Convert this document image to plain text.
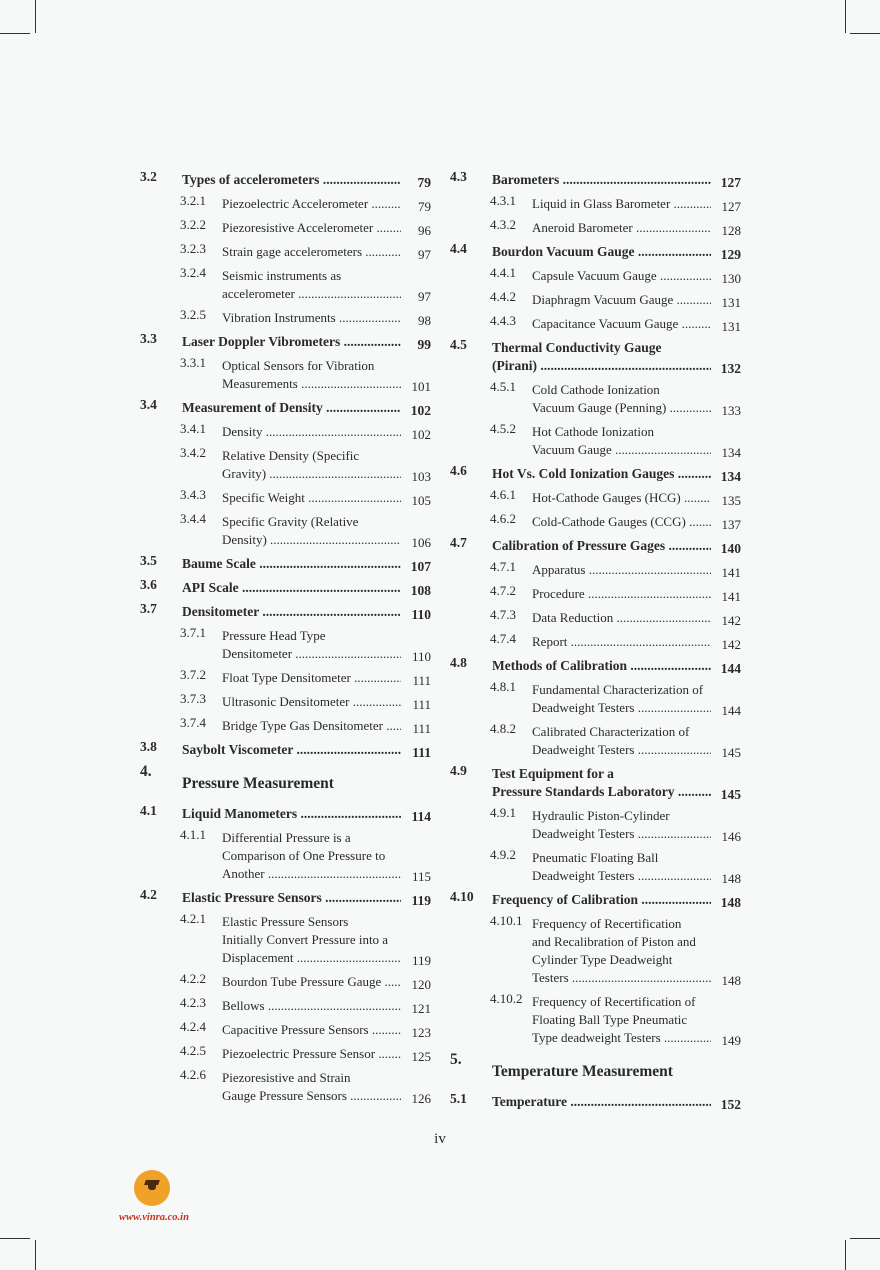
3.2 Types of accelerometers .....	79
3.2.1 Piezoelectric Accelerometer .....	79
3.2.2 Piezoresistive Accelerometer .....	96
3.2.3 Strain gage accelerometers .....	97
3.2.4 Seismic instruments as
accelerometer .....	97
3.2.5 Vibration Instruments .....	98
3.3 Laser Doppler Vibrometers .....	99
3.3.1 Optical Sensors for Vibration
Measurements .....	101
3.4 Measurement of Density .....	102
3.4.1 Density .....	102
3.4.2 Relative Density (Specific
Gravity) .....	103
3.4.3 Specific Weight .....	105
3.4.4 Specific Gravity (Relative
Density) .....	106
3.5 Baume Scale .....	107
3.6 API Scale .....	108
3.7 Densitometer .....	110
3.7.1 Pressure Head Type
Densitometer .....	110
3.7.2 Float Type Densitometer .....	111
3.7.3 Ultrasonic Densitometer .....	111
3.7.4 Bridge Type Gas Densitometer .....	111
3.8 Saybolt Viscometer .....	111
4.
Pressure Measurement
4.1 Liquid Manometers .....	114
4.1.1 Differential Pressure is a
Comparison of One Pressure to
Another .....	115
4.2 Elastic Pressure Sensors .....	119
4.2.1 Elastic Pressure Sensors
Initially Convert Pressure into a
Displacement .....	119
4.2.2 Bourdon Tube Pressure Gauge .....	120
4.2.3 Bellows .....	121
4.2.4 Capacitive Pressure Sensors .....	123
4.2.5 Piezoelectric Pressure Sensor .....	125
4.2.6 Piezoresistive and Strain
Gauge Pressure Sensors .....	126
4.3 Barometers .....	127
4.3.1 Liquid in Glass Barometer .....	127
4.3.2 Aneroid Barometer .....	128
4.4 Bourdon Vacuum Gauge .....	129
4.4.1 Capsule Vacuum Gauge .....	130
4.4.2 Diaphragm Vacuum Gauge .....	131
4.4.3 Capacitance Vacuum Gauge .....	131
4.5 Thermal Conductivity Gauge
(Pirani) .....	132
4.5.1 Cold Cathode Ionization
Vacuum Gauge (Penning) .....	133
4.5.2 Hot Cathode Ionization
Vacuum Gauge .....	134
4.6 Hot Vs. Cold Ionization Gauges .....	134
4.6.1 Hot-Cathode Gauges (HCG) .....	135
4.6.2 Cold-Cathode Gauges (CCG) .....	137
4.7 Calibration of Pressure Gages .....	140
4.7.1 Apparatus .....	141
4.7.2 Procedure .....	141
4.7.3 Data Reduction .....	142
4.7.4 Report .....	142
4.8 Methods of Calibration .....	144
4.8.1 Fundamental Characterization of
Deadweight Testers .....	144
4.8.2 Calibrated Characterization of
Deadweight Testers .....	145
4.9 Test Equipment for a
Pressure Standards Laboratory .....	145
4.9.1 Hydraulic Piston-Cylinder
Deadweight Testers .....	146
4.9.2 Pneumatic Floating Ball
Deadweight Testers .....	148
4.10 Frequency of Calibration .....	148
4.10.1 Frequency of Recertification
and Recalibration of Piston and
Cylinder Type Deadweight
Testers .....	148
4.10.2 Frequency of Recertification of
Floating Ball Type Pneumatic
Type deadweight Testers .....	149
5.
Temperature Measurement
5.1 Temperature .....	152
iv
www.vinra.co.in
